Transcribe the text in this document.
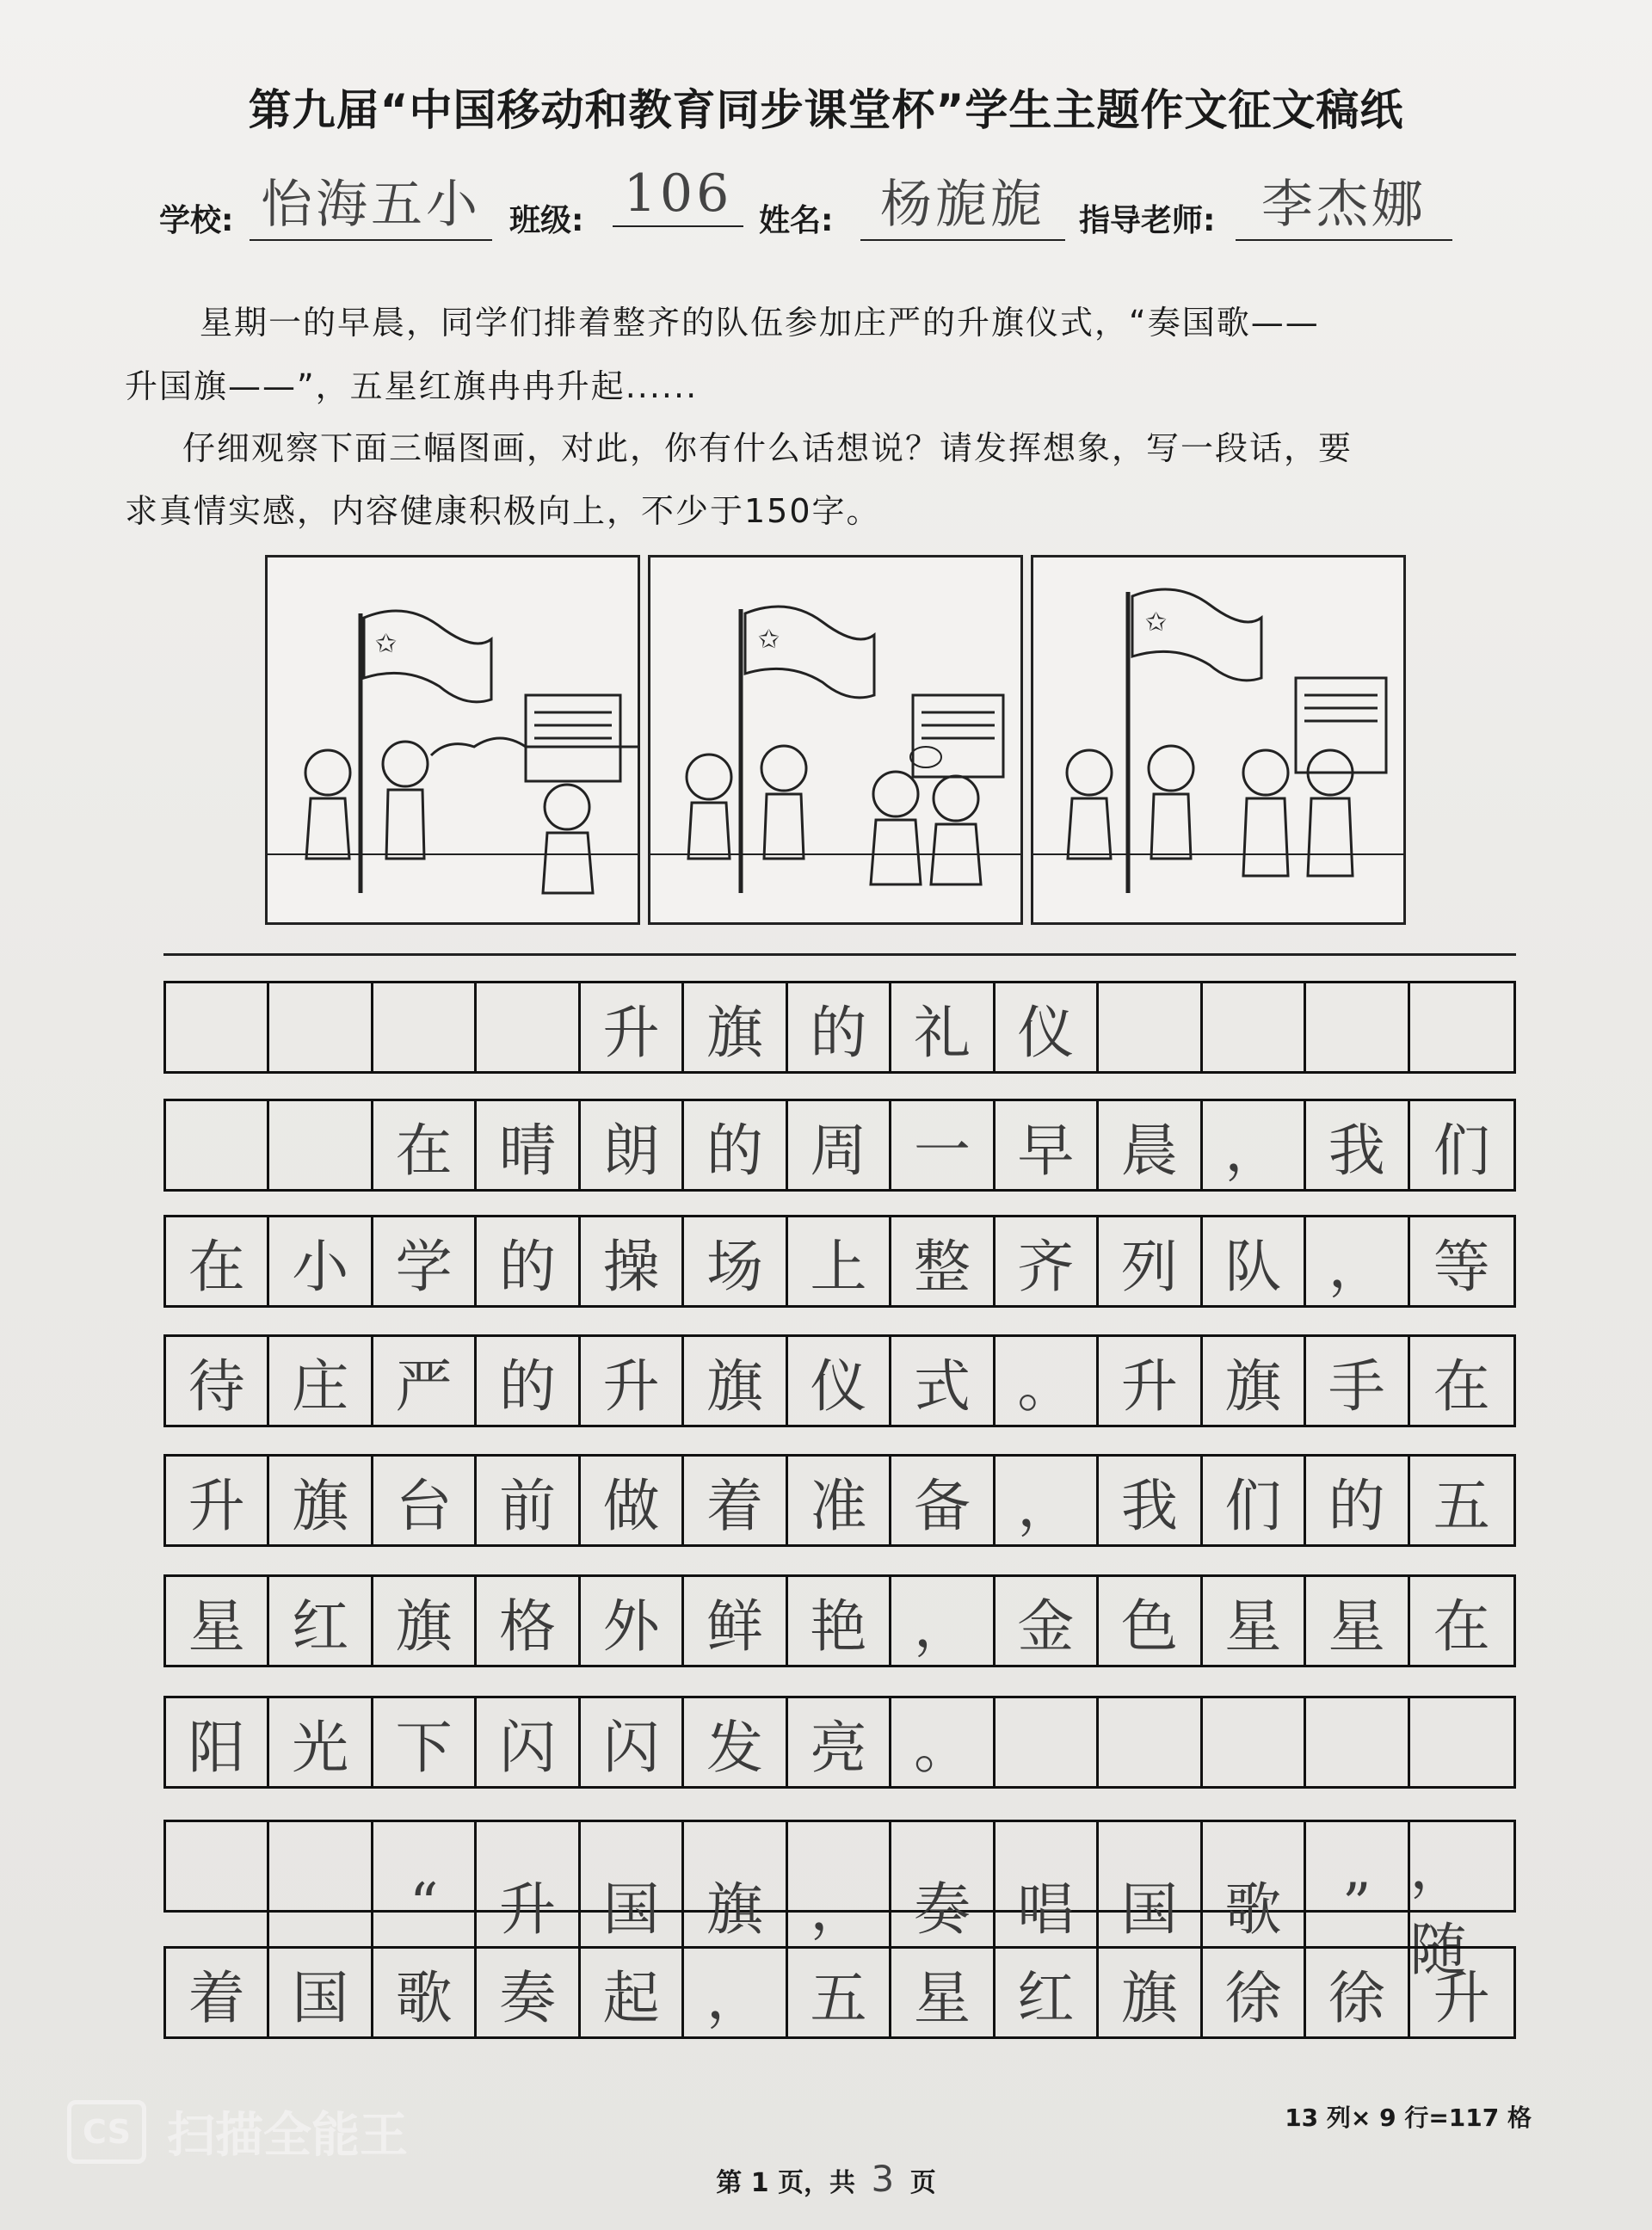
第九届“中国移动和教育同步课堂杯”学生主题作文征文稿纸
学校: 怡海五小 班级: 106 姓名: 杨旎旎	指导老师: 李杰娜
星期一的早晨，同学们排着整齐的队伍参加庄严的升旗仪式，“奏国歌——
升国旗——”，五星红旗冉冉升起......
仔细观察下面三幅图画，对此，你有什么话想说？请发挥想象，写一段话，要
求真情实感，内容健康积极向上，不少于150字。
✩	✩
✩
升 旗 的 礼 仪
在 晴 朗 的 周 一 早 晨 ， 我 们
在 小 学 的 操 场 上 整 齐 列 队 ， 等
待 庄 严 的 升 旗 仪 式 。 升 旗 手 在
升 旗 台 前 做 着 准 备 ， 我 们 的 五
星 红 旗 格 外 鲜 艳 ， 金 色 星 星 在
阳 光 下 闪 闪 发 亮 。
“	升 国 旗 ， 奏 唱 国 歌	”
，随
着 国 歌 奏 起 ， 五 星 红 旗 徐 徐 升
13 列× 9 行=117 格
第 1 页，共 3 页
CS 扫描全能王
